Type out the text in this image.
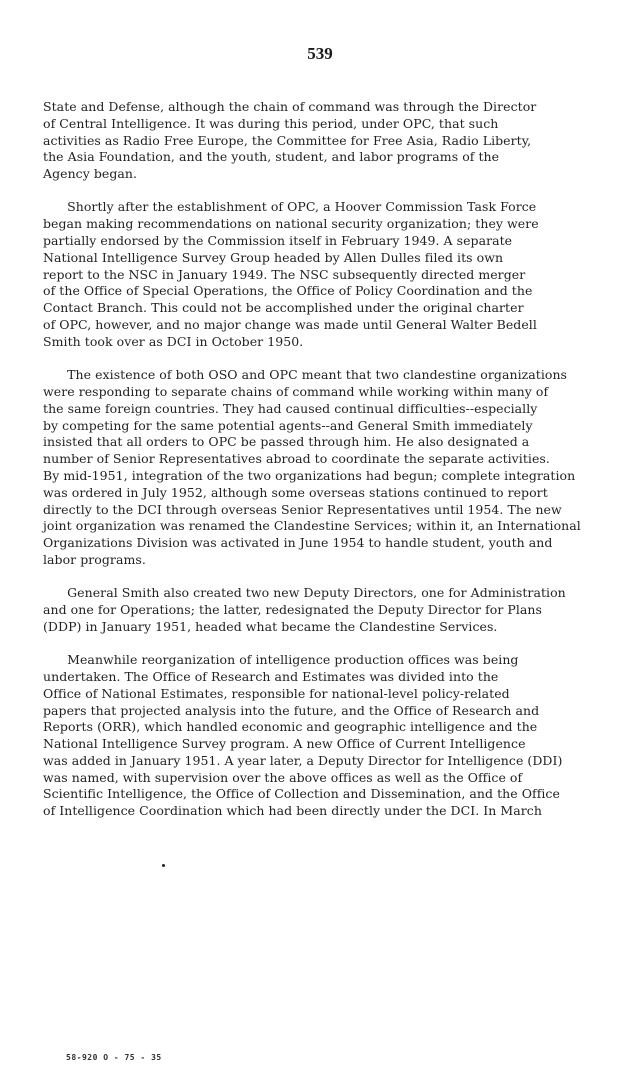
539

State and Defense, although the chain of command was through the Director
of Central Intelligence. It was during this period, under OPC, that such
activities as Radio Free Europe, the Committee for Free Asia, Radio Liberty,
the Asia Foundation, and the youth, student, and labor programs of the
Agency began.

Shortly after the establishment of OPC, a Hoover Commission Task Force
began making recommendations on national security organization; they were
partially endorsed by the Commission itself in February 1949. A separate
National Intelligence Survey Group headed by Allen Dulles filed its own
report to the NSC in January 1949. The NSC subsequently directed merger
of the Office of Special Operations, the Office of Policy Coordination and the
Contact Branch. This could not be accomplished under the original charter
of OPC, however, and no major change was made until General Walter Bedell
Smith took over as DCI in October 1950.

The existence of both OSO and OPC meant that two clandestine organizations
were responding to separate chains of command while working within many of
the same foreign countries. They had caused continual difficulties--especially
by competing for the same potential agents--and General Smith immediately
insisted that all orders to OPC be passed through him. He also designated a
number of Senior Representatives abroad to coordinate the separate activities.
By mid-1951, integration of the two organizations had begun; complete integration
was ordered in July 1952, although some overseas stations continued to report
directly to the DCI through overseas Senior Representatives until 1954. The new
joint organization was renamed the Clandestine Services; within it, an International
Organizations Division was activated in June 1954 to handle student, youth and
labor programs.

General Smith also created two new Deputy Directors, one for Administration
and one for Operations; the latter, redesignated the Deputy Director for Plans
(DDP) in January 1951, headed what became the Clandestine Services.

Meanwhile reorganization of intelligence production offices was being
undertaken. The Office of Research and Estimates was divided into the
Office of National Estimates, responsible for national-level policy-related
papers that projected analysis into the future, and the Office of Research and
Reports (ORR), which handled economic and geographic intelligence and the
National Intelligence Survey program. A new Office of Current Intelligence
was added in January 1951. A year later, a Deputy Director for Intelligence (DDI)
was named, with supervision over the above offices as well as the Office of
Scientific Intelligence, the Office of Collection and Dissemination, and the Office
of Intelligence Coordination which had been directly under the DCI. In March

58-920 O - 75 - 35
